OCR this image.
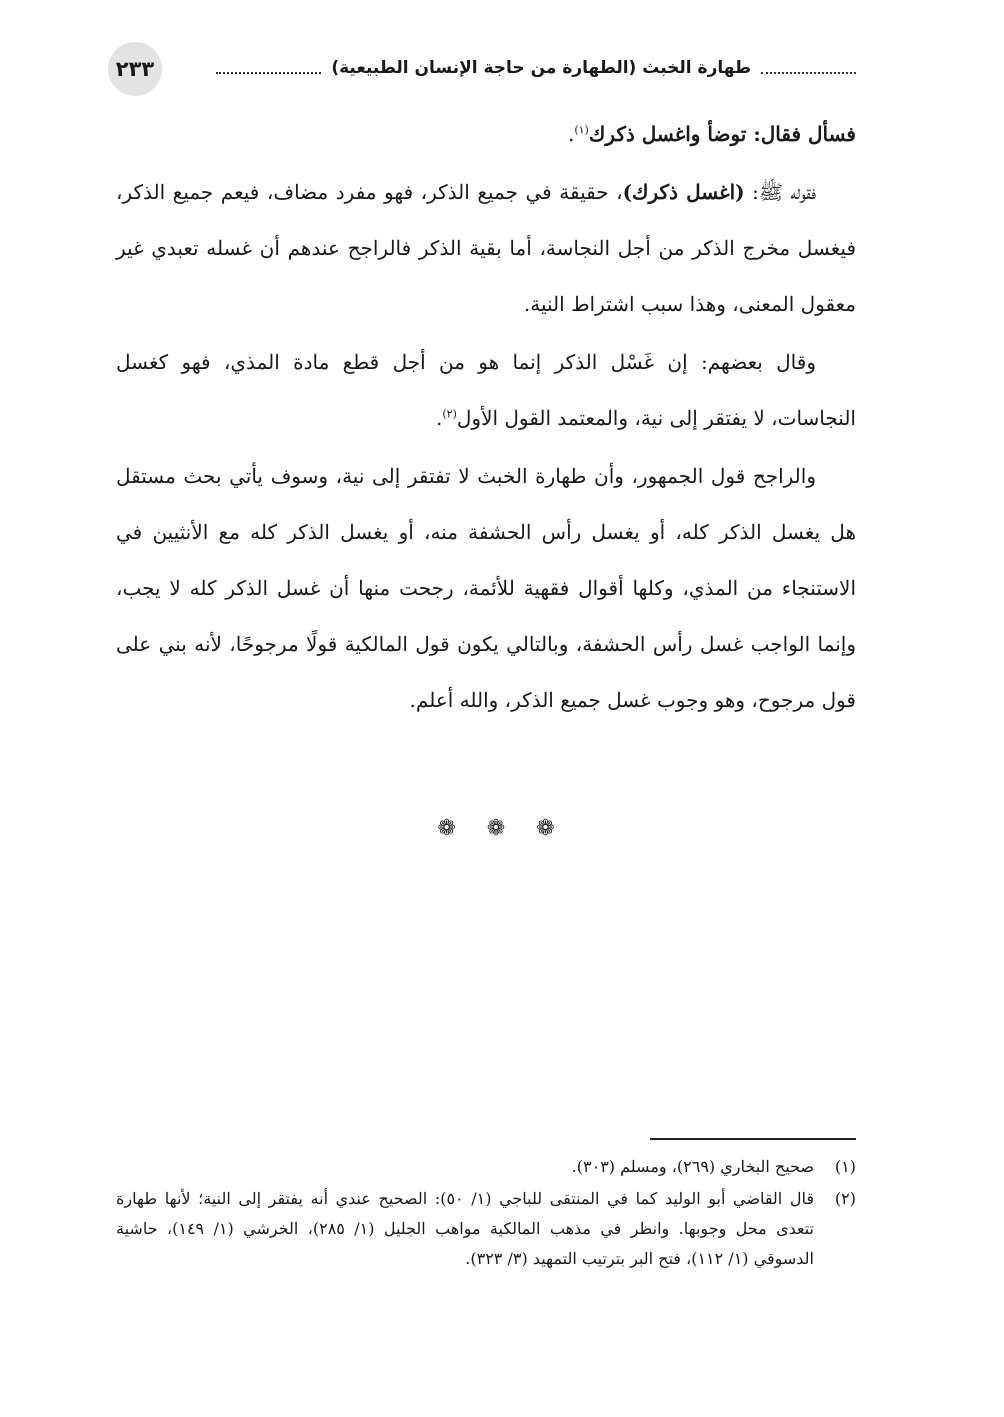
طهارة الخبث (الطهارة من حاجة الإنسان الطبيعية)
٢٣٣

فسأل فقال: توضأ واغسل ذكرك$^{(١)}$.

فقوله ﷺ: (اغسل ذكرك)، حقيقة في جميع الذكر، فهو مفرد مضاف، فيعم جميع الذكر، فيغسل مخرج الذكر من أجل النجاسة، أما بقية الذكر فالراجح عندهم أن غسله تعبدي غير معقول المعنى، وهذا سبب اشتراط النية.

وقال بعضهم: إن غَسْل الذكر إنما هو من أجل قطع مادة المذي، فهو كغسل النجاسات، لا يفتقر إلى نية، والمعتمد القول الأول$^{(٢)}$.

والراجح قول الجمهور، وأن طهارة الخبث لا تفتقر إلى نية، وسوف يأتي بحث مستقل هل يغسل الذكر كله، أو يغسل رأس الحشفة منه، أو يغسل الذكر كله مع الأنثيين في الاستنجاء من المذي، وكلها أقوال فقهية للأئمة، رجحت منها أن غسل الذكر كله لا يجب، وإنما الواجب غسل رأس الحشفة، وبالتالي يكون قول المالكية قولًا مرجوحًا، لأنه بني على قول مرجوح، وهو وجوب غسل جميع الذكر، والله أعلم.

❁ ❁ ❁
(١)
صحيح البخاري (٢٦٩)، ومسلم (٣٠٣).
(٢)
قال القاضي أبو الوليد كما في المنتقى للباجي (١/ ٥٠): الصحيح عندي أنه يفتقر إلى النية؛ لأنها طهارة تتعدى محل وجوبها. وانظر في مذهب المالكية مواهب الجليل (١/ ٢٨٥)، الخرشي (١/ ١٤٩)، حاشية الدسوقي (١/ ١١٢)، فتح البر بترتيب التمهيد (٣/ ٣٢٣).
